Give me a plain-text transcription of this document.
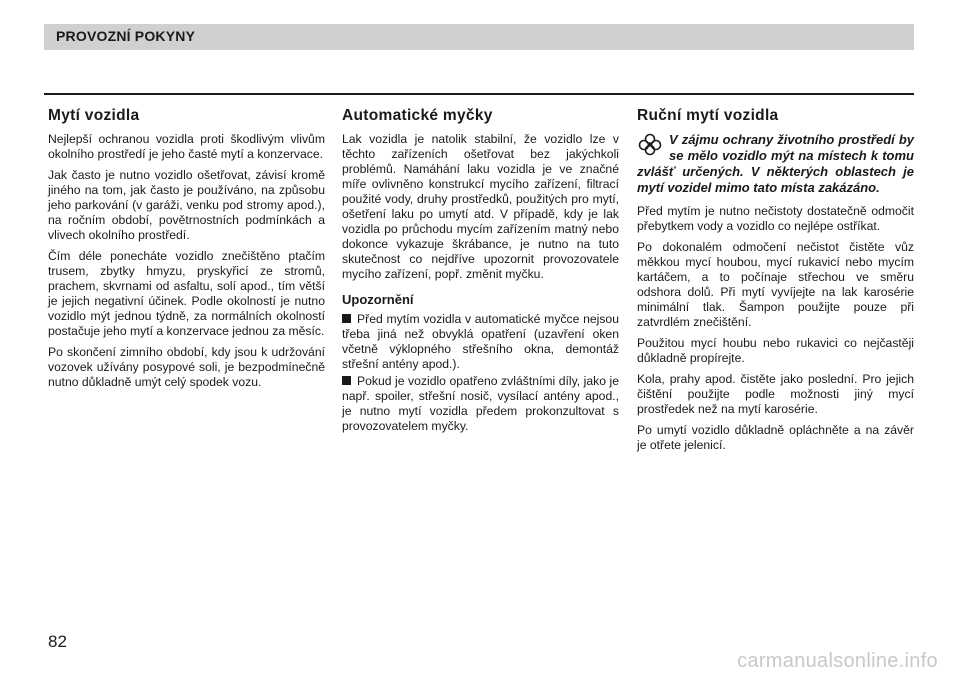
PROVOZNÍ POKYNY
Mytí vozidla

Nejlepší ochranou vozidla proti škodlivým vlivům okolního prostředí je jeho časté mytí a konzervace.

Jak často je nutno vozidlo ošetřovat, závisí kromě jiného na tom, jak často je používáno, na způsobu jeho parkování (v garáži, venku pod stromy apod.), na ročním období, povětrnostních podmínkách a vlivech okolního prostředí.

Čím déle ponecháte vozidlo znečištěno ptačím trusem, zbytky hmyzu, pryskyřicí ze stromů, prachem, skvrnami od asfaltu, solí apod., tím větší je jejich negativní účinek. Podle okolností je nutno vozidlo mýt jednou týdně, za normálních okolností postačuje jeho mytí a konzervace jednou za měsíc.

Po skončení zimního období, kdy jsou k udržování vozovek užívány posypové soli, je bezpodmínečně nutno důkladně umýt celý spodek vozu.

Automatické myčky

Lak vozidla je natolik stabilní, že vozidlo lze v těchto zařízeních ošetřovat bez jakýchkoli problémů. Namáhání laku vozidla je ve značné míře ovlivněno konstrukcí mycího zařízení, filtrací použité vody, druhy prostředků, použitých pro mytí, ošetření laku po umytí atd. V případě, kdy je lak vozidla po průchodu mycím zařízením matný nebo dokonce vykazuje škrábance, je nutno na tuto skutečnost co nejdříve upozornit provozovatele mycího zařízení, popř. změnit myčku.

Upozornění

Před mytím vozidla v automatické myčce nejsou třeba jiná než obvyklá opatření (uzavření oken včetně výklopného střešního okna, demontáž střešní antény apod.).

Pokud je vozidlo opatřeno zvláštními díly, jako je např. spoiler, střešní nosič, vysílací antény apod., je nutno mytí vozidla předem prokonzultovat s provozovatelem myčky.

Ruční mytí vozidla
V zájmu ochrany životního prostředí by se mělo vozidlo mýt na místech k tomu zvlášť určených. V některých oblastech je mytí vozidel mimo tato místa zakázáno.

Před mytím je nutno nečistoty dostatečně odmočit přebytkem vody a vozidlo co nejlépe ostříkat.

Po dokonalém odmočení nečistot čistěte vůz měkkou mycí houbou, mycí rukavicí nebo mycím kartáčem, a to počínaje střechou ve směru odshora dolů. Při mytí vyvíjejte na lak karosérie minimální tlak. Šampon použijte pouze při zatvrdlém znečištění.

Použitou mycí houbu nebo rukavici co nejčastěji důkladně propírejte.

Kola, prahy apod. čistěte jako poslední. Pro jejich čištění použijte podle možnosti jiný mycí prostředek než na mytí karosérie.

Po umytí vozidlo důkladně opláchněte a na závěr je otřete jelenicí.

82
carmanualsonline.info
